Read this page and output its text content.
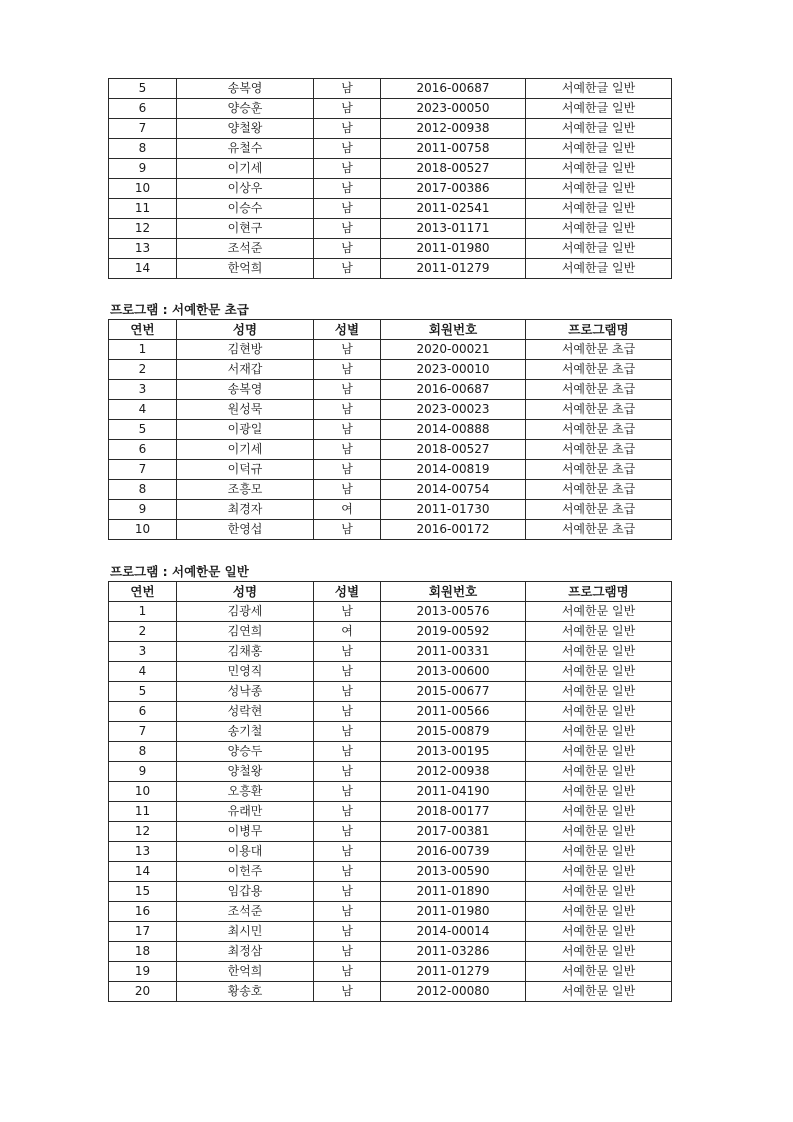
5	송복영	남	2016-00687	서예한글 일반
6	양승훈	남	2023-00050	서예한글 일반
7	양철왕	남	2012-00938	서예한글 일반
8	유철수	남	2011-00758	서예한글 일반
9	이기세	남	2018-00527	서예한글 일반
10	이상우	남	2017-00386	서예한글 일반
11	이승수	남	2011-02541	서예한글 일반
12	이현구	남	2013-01171	서예한글 일반
13	조석준	남	2011-01980	서예한글 일반
14	한억희	남	2011-01279	서예한글 일반
프로그램 : 서예한문 초급
연번	성명	성별	회원번호	프로그램명
1	김현방	남	2020-00021	서예한문 초급
2	서재갑	남	2023-00010	서예한문 초급
3	송복영	남	2016-00687	서예한문 초급
4	원성묵	남	2023-00023	서예한문 초급
5	이광일	남	2014-00888	서예한문 초급
6	이기세	남	2018-00527	서예한문 초급
7	이덕규	남	2014-00819	서예한문 초급
8	조흥모	남	2014-00754	서예한문 초급
9	최경자	여	2011-01730	서예한문 초급
10	한영섭	남	2016-00172	서예한문 초급
프로그램 : 서예한문 일반
연번	성명	성별	회원번호	프로그램명
1	김광세	남	2013-00576	서예한문 일반
2	김연희	여	2019-00592	서예한문 일반
3	김채홍	남	2011-00331	서예한문 일반
4	민영직	남	2013-00600	서예한문 일반
5	성낙종	남	2015-00677	서예한문 일반
6	성락현	남	2011-00566	서예한문 일반
7	송기철	남	2015-00879	서예한문 일반
8	양승두	남	2013-00195	서예한문 일반
9	양철왕	남	2012-00938	서예한문 일반
10	오흥환	남	2011-04190	서예한문 일반
11	유래만	남	2018-00177	서예한문 일반
12	이병무	남	2017-00381	서예한문 일반
13	이용대	남	2016-00739	서예한문 일반
14	이헌주	남	2013-00590	서예한문 일반
15	임갑용	남	2011-01890	서예한문 일반
16	조석준	남	2011-01980	서예한문 일반
17	최시민	남	2014-00014	서예한문 일반
18	최정삼	남	2011-03286	서예한문 일반
19	한억희	남	2011-01279	서예한문 일반
20	황송호	남	2012-00080	서예한문 일반
